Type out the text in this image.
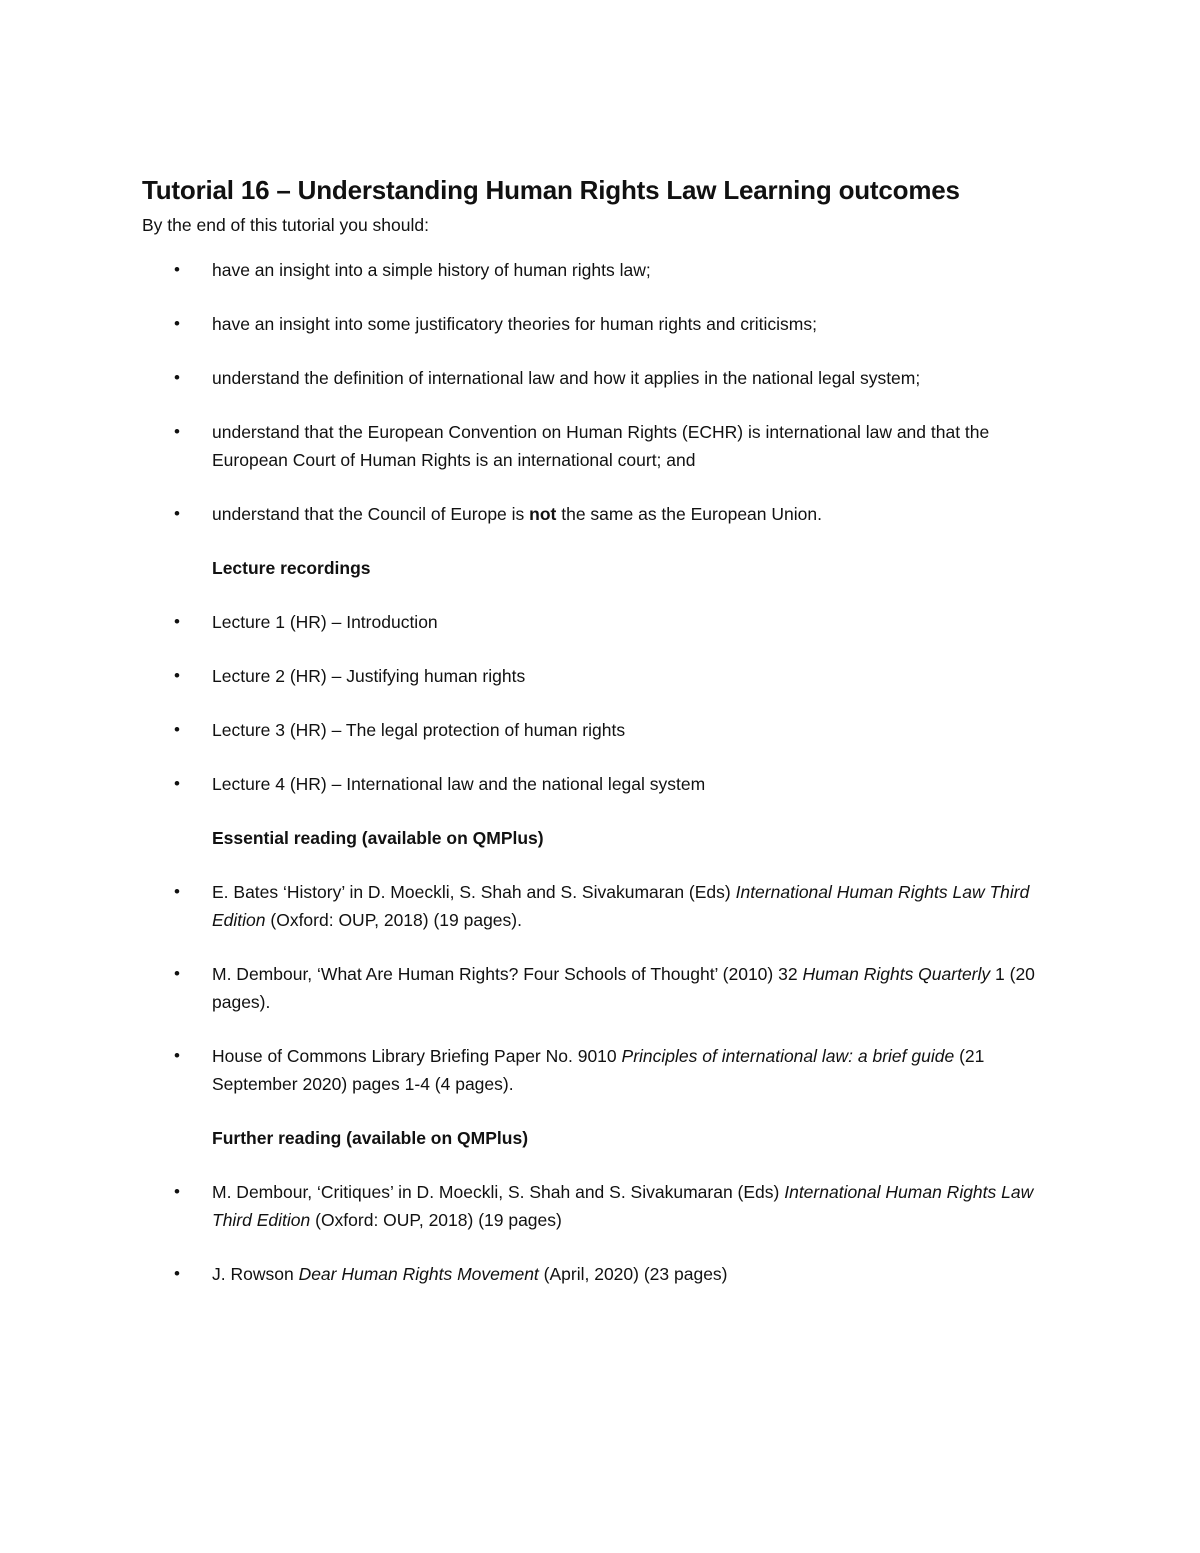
Tutorial 16 – Understanding Human Rights Law Learning outcomes

By the end of this tutorial you should:

• have an insight into a simple history of human rights law;
• have an insight into some justificatory theories for human rights and criticisms;
• understand the definition of international law and how it applies in the national legal system;
• understand that the European Convention on Human Rights (ECHR) is international law and that the European Court of Human Rights is an international court; and
• understand that the Council of Europe is not the same as the European Union.

Lecture recordings

• Lecture 1 (HR) – Introduction
• Lecture 2 (HR) – Justifying human rights
• Lecture 3 (HR) – The legal protection of human rights
• Lecture 4 (HR) – International law and the national legal system

Essential reading (available on QMPlus)

• E. Bates ‘History’ in D. Moeckli, S. Shah and S. Sivakumaran (Eds) International Human Rights Law Third Edition (Oxford: OUP, 2018) (19 pages).
• M. Dembour, ‘What Are Human Rights? Four Schools of Thought’ (2010) 32 Human Rights Quarterly 1 (20 pages).
• House of Commons Library Briefing Paper No. 9010 Principles of international law: a brief guide (21 September 2020) pages 1-4 (4 pages).

Further reading (available on QMPlus)

• M. Dembour, ‘Critiques’ in D. Moeckli, S. Shah and S. Sivakumaran (Eds) International Human Rights Law Third Edition (Oxford: OUP, 2018) (19 pages)
• J. Rowson Dear Human Rights Movement (April, 2020) (23 pages)
